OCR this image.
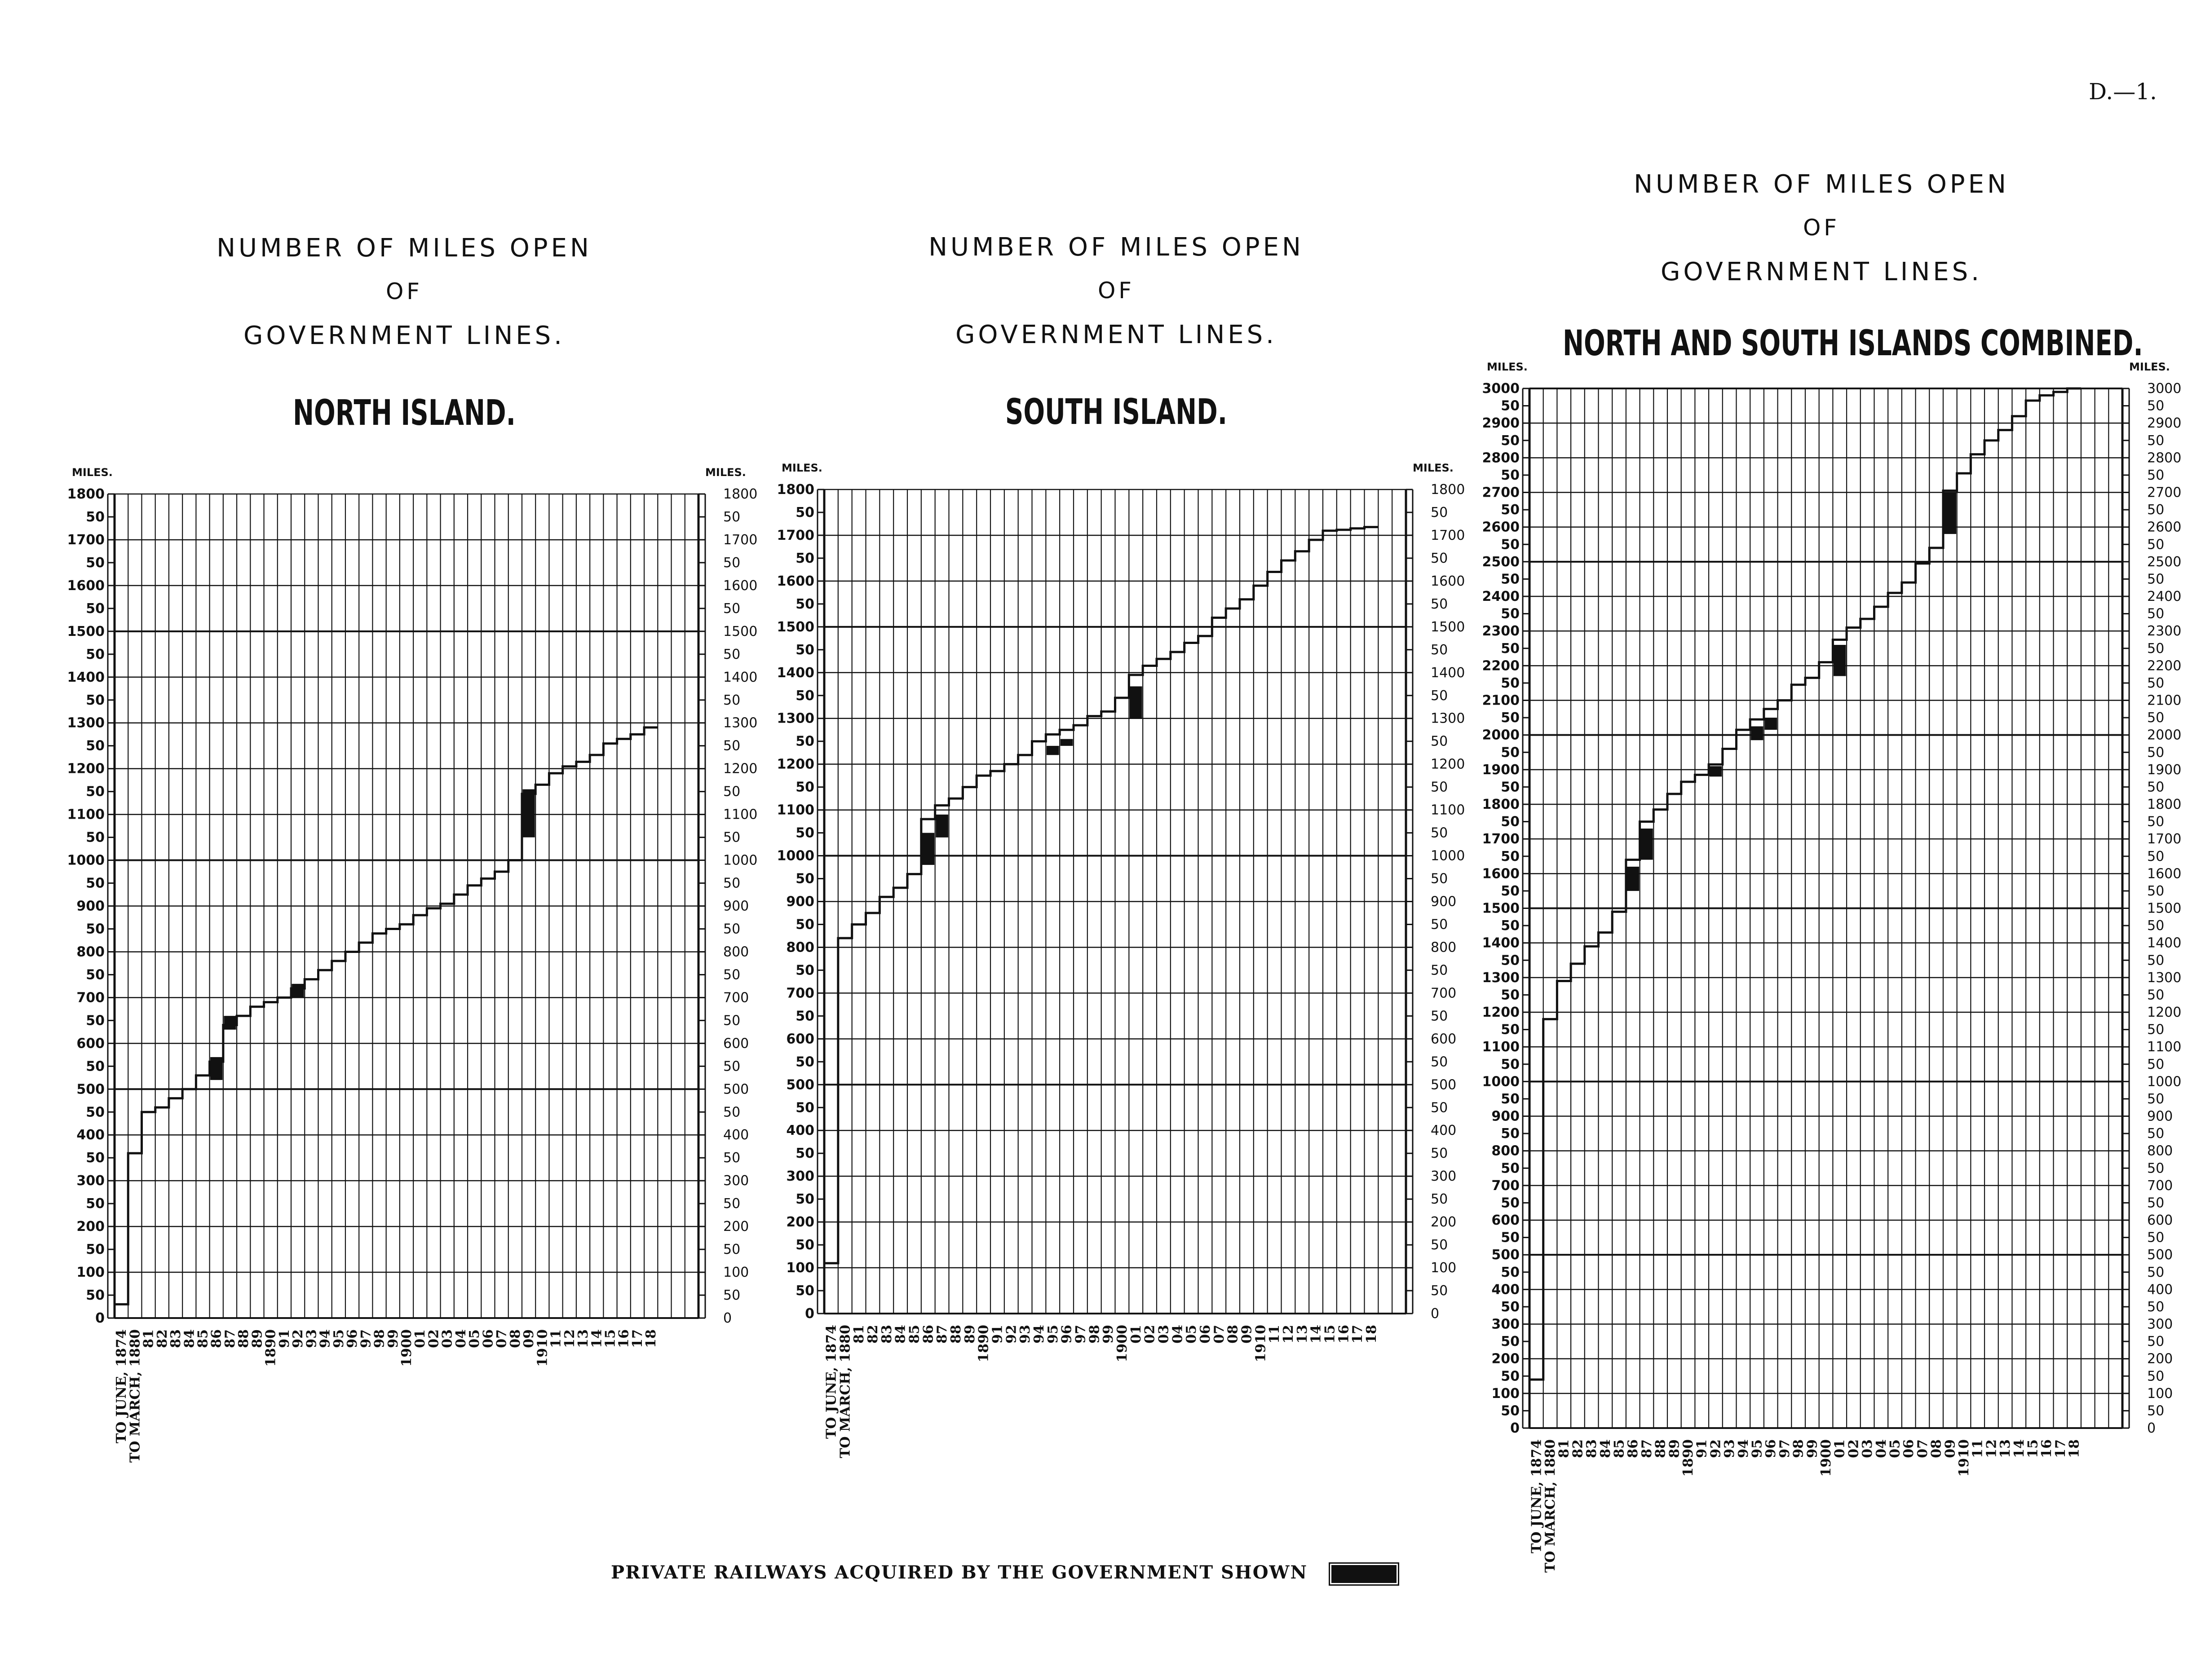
D.—1.
NUMBER OF MILES OPEN
OF
GOVERNMENT LINES.
NORTH ISLAND.
NUMBER OF MILES OPEN
OF
GOVERNMENT LINES.
SOUTH ISLAND.
NUMBER OF MILES OPEN
OF
GOVERNMENT LINES.
NORTH AND SOUTH ISLANDS COMBINED.
0	0
50	50
100	100
50	50
200	200
50	50
300	300
50	50
400	400
50	50
500	500
50	50
600	600
50	50
700	700
50	50
800	800
50	50
900	900
50	50
1000	1000
50	50
1100	1100
50	50
1200	1200
50	50
1300	1300
50	50
1400	1400
50	50
1500	1500
50	50
1600	1600
50	50
1700	1700
50	50
1800	1800
MILES.	MILES.
TO JUNE, 1874
TO MARCH, 1880
81
82
83
84
85
86
87
88
89
1890
91
92
93
94
95
96
97
98
99
1900
01
02
03
04
05
06
07
08
09
1910
11
12
13
14
15
16
17
18
0	0
50	50
100	100
50	50
200	200
50	50
300	300
50	50
400	400
50	50
500	500
50	50
600	600
50	50
700	700
50	50
800	800
50	50
900	900
50	50
1000	1000
50	50
1100	1100
50	50
1200	1200
50	50
1300	1300
50	50
1400	1400
50	50
1500	1500
50	50
1600	1600
50	50
1700	1700
50	50
1800	1800
MILES.	MILES.
TO JUNE, 1874
TO MARCH, 1880
81
82
83
84
85
86
87
88
89
1890
91
92
93
94
95
96
97
98
99
1900
01
02
03
04
05
06
07
08
09
1910
11
12
13
14
15
16
17
18
0	0
50	50
100	100
50	50
200	200
50	50
300	300
50	50
400	400
50	50
500	500
50	50
600	600
50	50
700	700
50	50
800	800
50	50
900	900
50	50
1000	1000
50	50
1100	1100
50	50
1200	1200
50	50
1300	1300
50	50
1400	1400
50	50
1500	1500
50	50
1600	1600
50	50
1700	1700
50	50
1800	1800
50	50
1900	1900
50	50
2000	2000
50	50
2100	2100
50	50
2200	2200
50	50
2300	2300
50	50
2400	2400
50	50
2500	2500
50	50
2600	2600
50	50
2700	2700
50	50
2800	2800
50	50
2900	2900
50	50
3000	3000
MILES.	MILES.
TO JUNE, 1874
TO MARCH, 1880
81
82
83
84
85
86
87
88
89
1890
91
92
93
94
95
96
97
98
99
1900
01
02
03
04
05
06
07
08
09
1910
11
12
13
14
15
16
17
18
PRIVATE RAILWAYS ACQUIRED BY THE GOVERNMENT SHOWN
